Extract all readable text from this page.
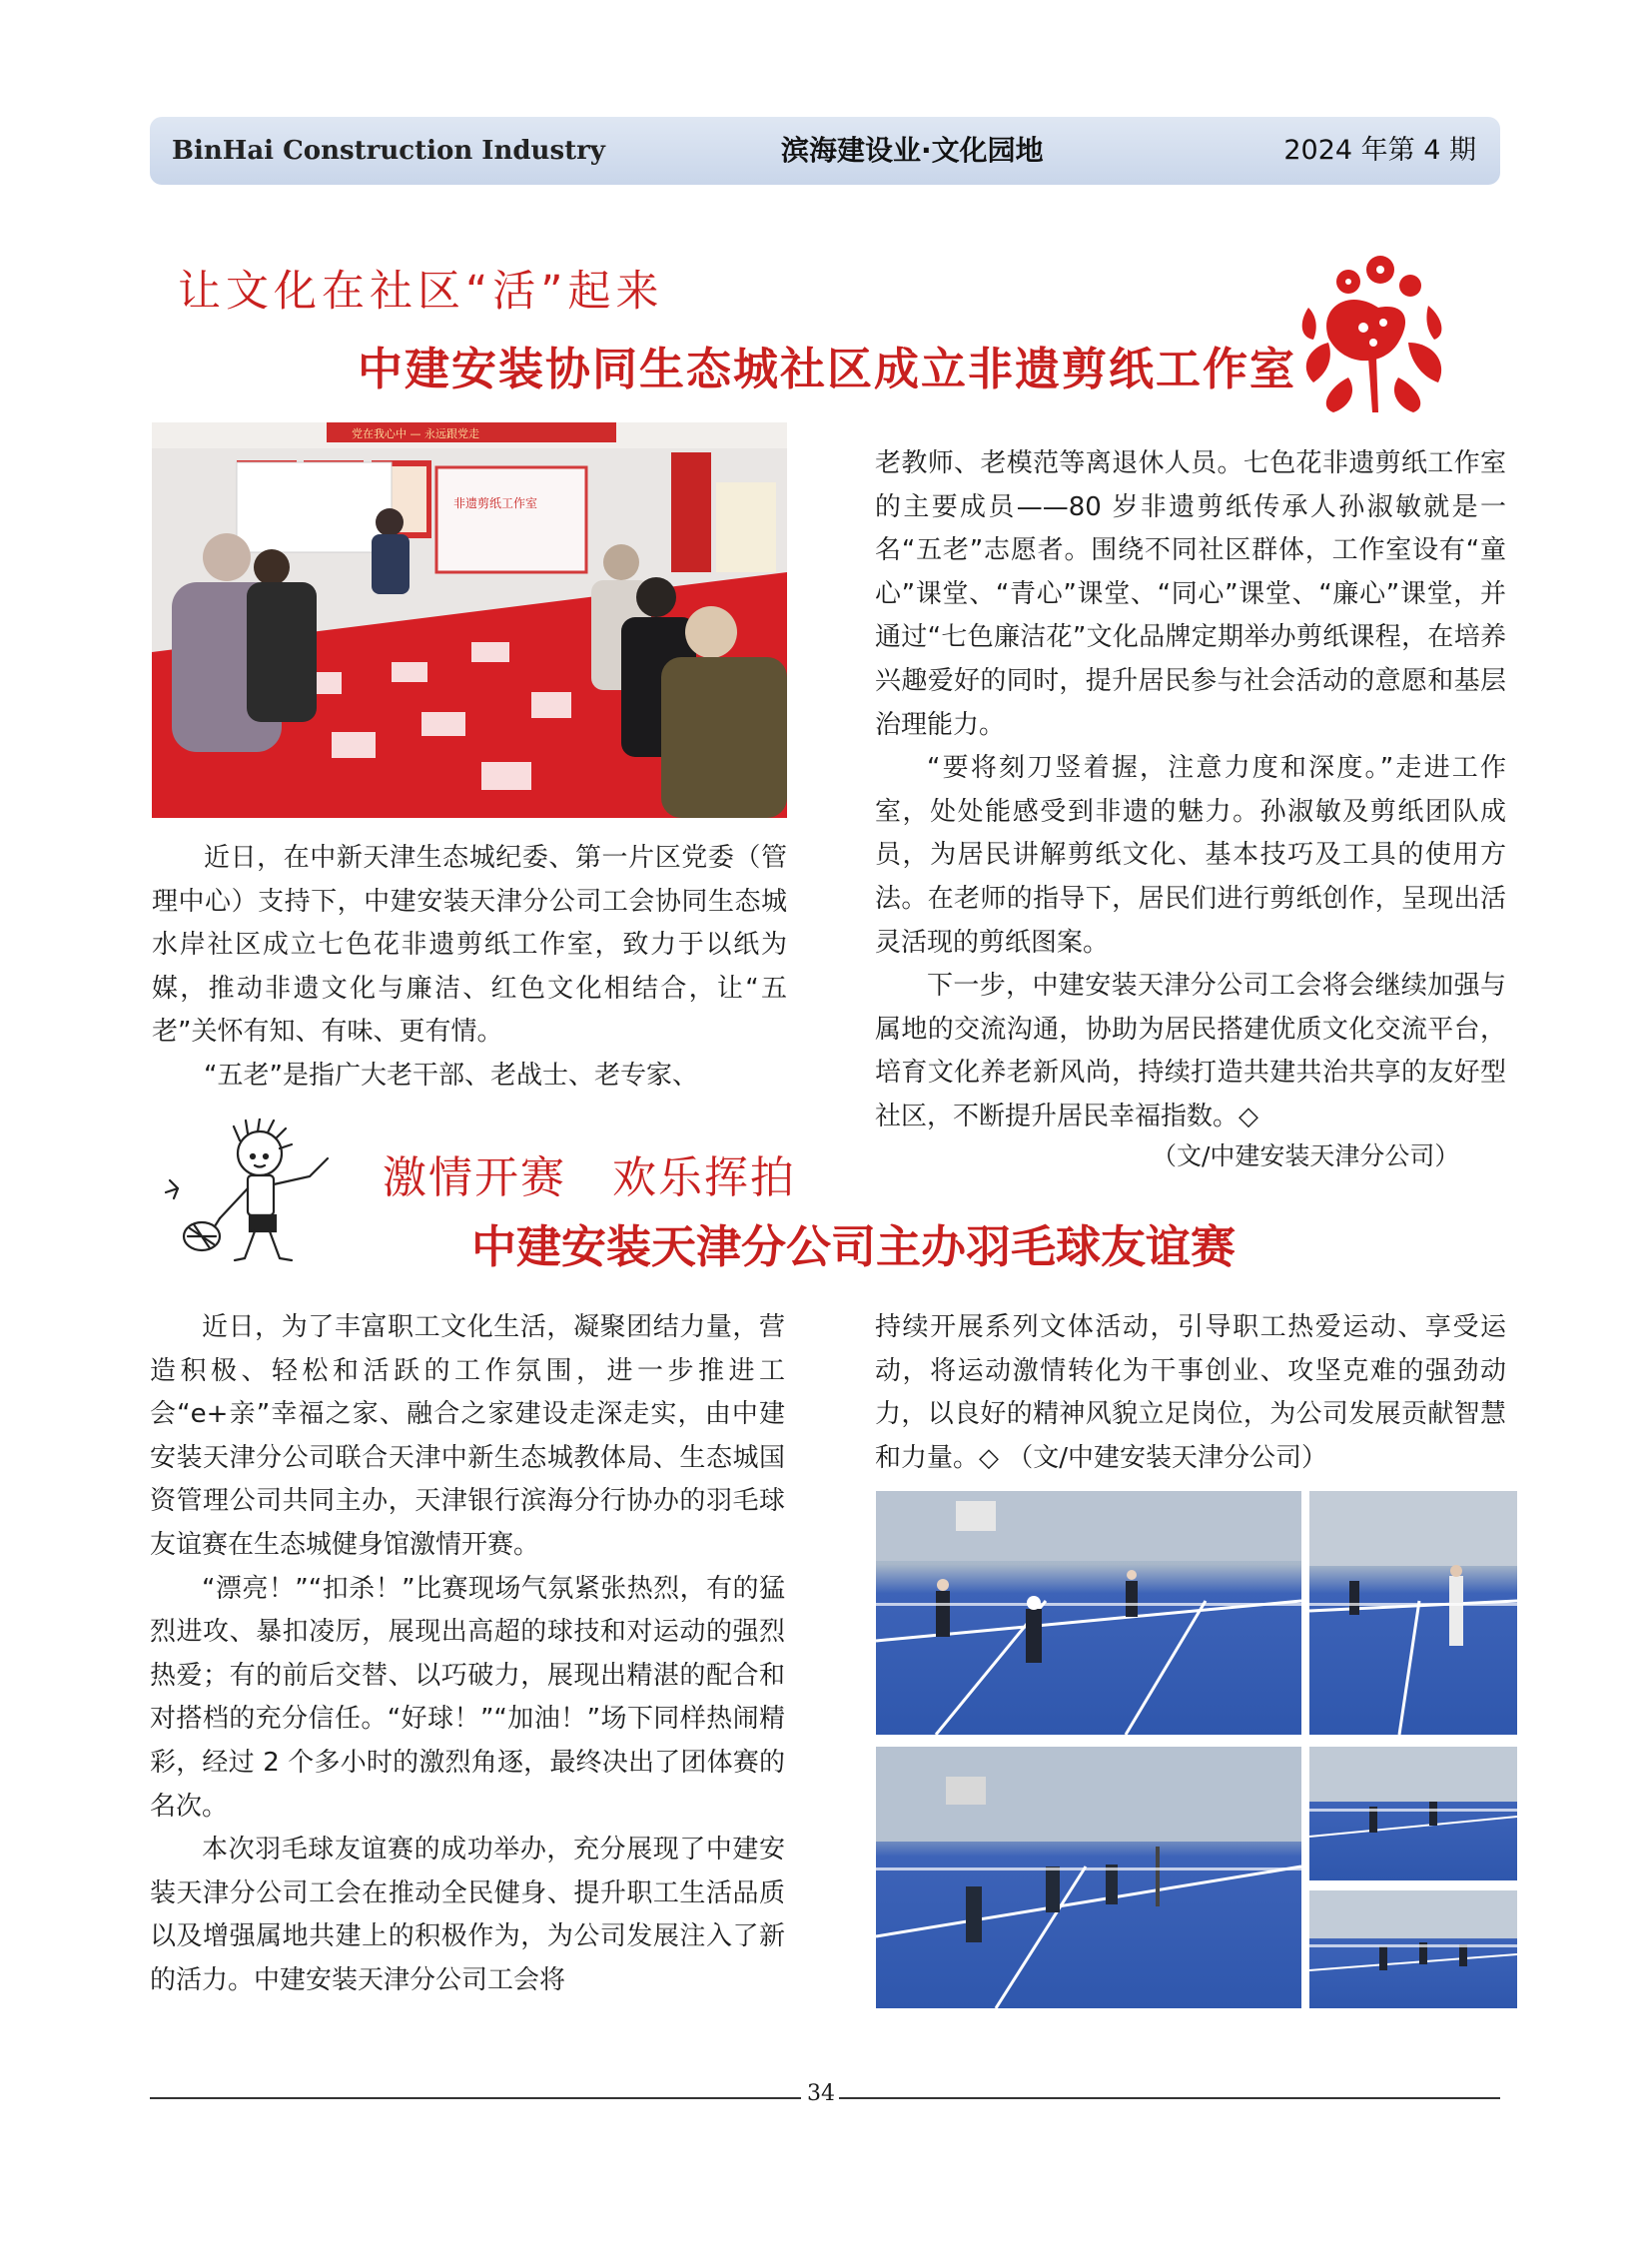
BinHai Construction Industry	滨海建设业·文化园地	2024 年第 4 期
让文化在社区“活”起来
中建安装协同生态城社区成立非遗剪纸工作室
党在我心中 — 永远跟党走
非遗剪纸工作室

近日，在中新天津生态城纪委、第一片区党委（管理中心）支持下，中建安装天津分公司工会协同生态城水岸社区成立七色花非遗剪纸工作室，致力于以纸为媒，推动非遗文化与廉洁、红色文化相结合，让“五老”关怀有知、有味、更有情。

“五老”是指广大老干部、老战士、老专家、

老教师、老模范等离退休人员。七色花非遗剪纸工作室的主要成员——80 岁非遗剪纸传承人孙淑敏就是一名“五老”志愿者。围绕不同社区群体，工作室设有“童心”课堂、“青心”课堂、“同心”课堂、“廉心”课堂，并通过“七色廉洁花”文化品牌定期举办剪纸课程，在培养兴趣爱好的同时，提升居民参与社会活动的意愿和基层治理能力。

“要将刻刀竖着握，注意力度和深度。”走进工作室，处处能感受到非遗的魅力。孙淑敏及剪纸团队成员，为居民讲解剪纸文化、基本技巧及工具的使用方法。在老师的指导下，居民们进行剪纸创作，呈现出活灵活现的剪纸图案。

下一步，中建安装天津分公司工会将会继续加强与属地的交流沟通，协助为居民搭建优质文化交流平台，培育文化养老新风尚，持续打造共建共治共享的友好型社区，不断提升居民幸福指数。◇

（文/中建安装天津分公司）
激情开赛　欢乐挥拍
中建安装天津分公司主办羽毛球友谊赛

近日，为了丰富职工文化生活，凝聚团结力量，营造积极、轻松和活跃的工作氛围，进一步推进工会“e+亲”幸福之家、融合之家建设走深走实，由中建安装天津分公司联合天津中新生态城教体局、生态城国资管理公司共同主办，天津银行滨海分行协办的羽毛球友谊赛在生态城健身馆激情开赛。

“漂亮！”“扣杀！”比赛现场气氛紧张热烈，有的猛烈进攻、暴扣凌厉，展现出高超的球技和对运动的强烈热爱；有的前后交替、以巧破力，展现出精湛的配合和对搭档的充分信任。“好球！”“加油！”场下同样热闹精彩，经过 2 个多小时的激烈角逐，最终决出了团体赛的名次。

本次羽毛球友谊赛的成功举办，充分展现了中建安装天津分公司工会在推动全民健身、提升职工生活品质以及增强属地共建上的积极作为，为公司发展注入了新的活力。中建安装天津分公司工会将

持续开展系列文体活动，引导职工热爱运动、享受运动，将运动激情转化为干事创业、攻坚克难的强劲动力，以良好的精神风貌立足岗位，为公司发展贡献智慧和力量。◇ （文/中建安装天津分公司）

34
